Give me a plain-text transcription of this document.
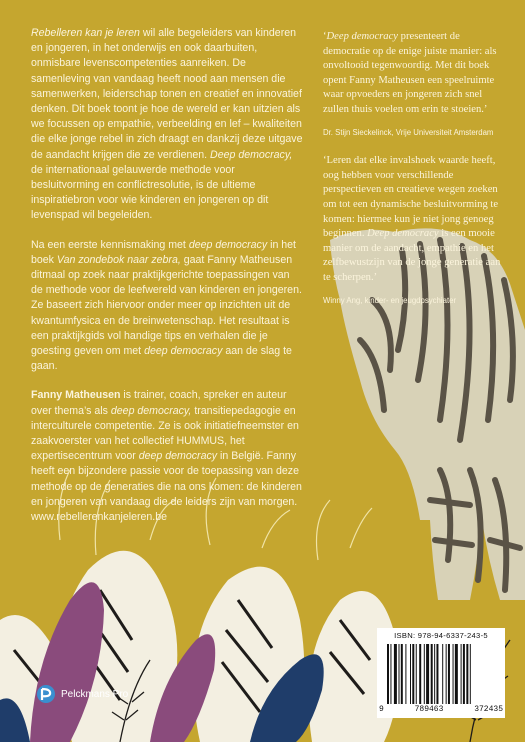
Rebelleren kan je leren wil alle begeleiders van kinderen en jongeren, in het onderwijs en ook daarbuiten, onmisbare levenscompetenties aanreiken. De samenleving van vandaag heeft nood aan mensen die samenwerken, leiderschap tonen en creatief en innovatief denken. Dit boek toont je hoe de wereld er kan uitzien als we focussen op empathie, verbeelding en lef – kwaliteiten die elke jonge rebel in zich draagt en dankzij deze uitgave de aandacht krijgen die ze verdienen. Deep democracy, de internationaal gelauwerde methode voor besluitvorming en conflictresolutie, is de ultieme inspiratiebron voor wie kinderen en jongeren op dit levenspad wil begeleiden.

Na een eerste kennismaking met deep democracy in het boek Van zondebok naar zebra, gaat Fanny Matheusen ditmaal op zoek naar praktijkgerichte toepassingen van de methode voor de leefwereld van kinderen en jongeren. Ze baseert zich hiervoor onder meer op inzichten uit de kwantumfysica en de breinwetenschap. Het resultaat is een praktijkgids vol handige tips en verhalen die je goesting geven om met deep democracy aan de slag te gaan.

Fanny Matheusen is trainer, coach, spreker en auteur over thema’s als deep democracy, transitiepedagogie en interculturele competentie. Ze is ook initiatiefneemster en zaakvoerster van het collectief HUMMUS, het expertisecentrum voor deep democracy in België. Fanny heeft een bijzondere passie voor de toepassing van deze methode op de generaties die na ons komen: de kinderen en jongeren van vandaag die de leiders zijn van morgen.
www.rebellerenkanjeleren.be

‘Deep democracy presenteert de democratie op de enige juiste manier: als onvoltooid tegenwoordig. Met dit boek opent Fanny Matheusen een speelruimte waar opvoeders en jongeren zich snel zullen thuis voelen om erin te stoeien.’

Dr. Stijn Sieckelinck, Vrije Universiteit Amsterdam

‘Leren dat elke invalshoek waarde heeft, oog hebben voor verschillende perspectieven en creatieve wegen zoeken om tot een dynamische besluitvorming te komen: hiermee kun je niet jong genoeg beginnen. Deep democracy is een mooie manier om de aandacht, empathie en het zelfbewustzijn van de jonge generatie aan te scherpen.’

Winny Ang, kinder- en jeugdpsychiater

Pelckmans Pro
ISBN: 978-94-6337-243-5
9	789463	372435
